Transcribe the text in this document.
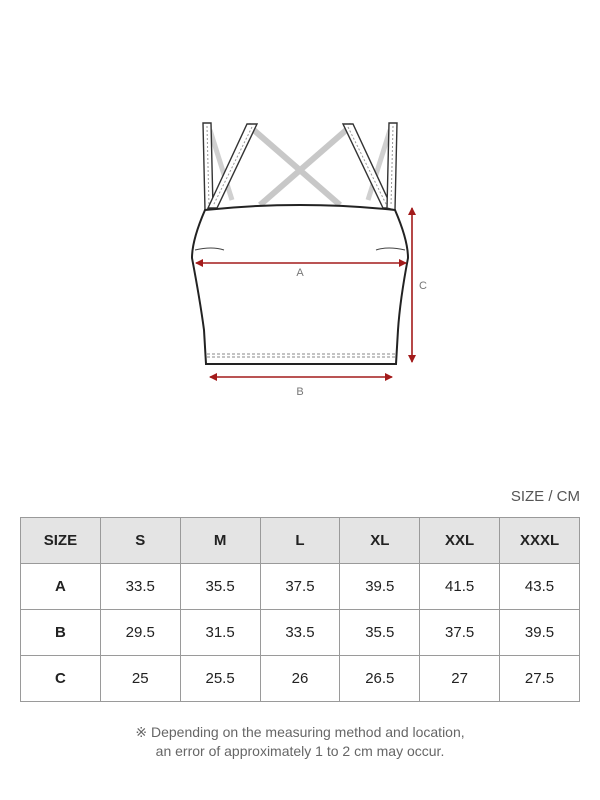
A
B
C
SIZE / CM
SIZE	S	M	L	XL	XXL	XXXL
A	33.5	35.5	37.5	39.5	41.5	43.5
B	29.5	31.5	33.5	35.5	37.5	39.5
C	25	25.5	26	26.5	27	27.5
※ Depending on the measuring method and location,
an error of approximately 1 to 2 cm may occur.
